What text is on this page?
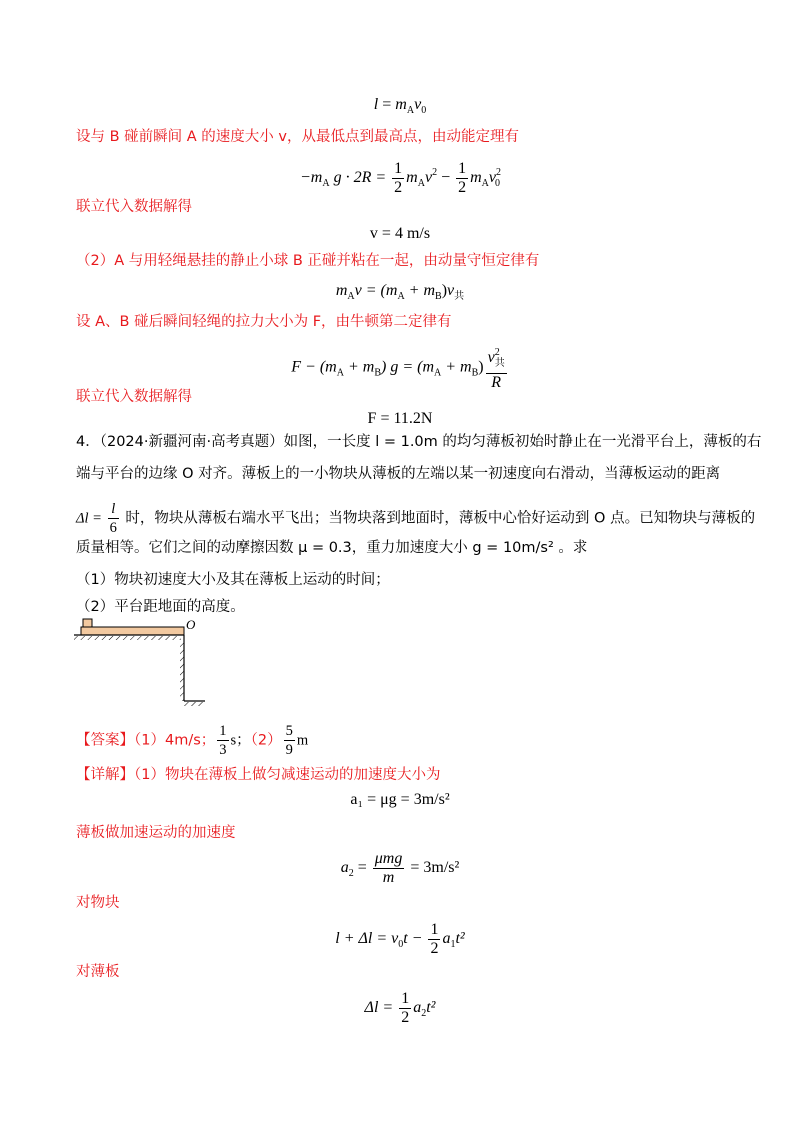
$l = m_Av_0$
设与 B 碰前瞬间 A 的速度大小 v，从最低点到最高点，由动能定理有
$-m_A$ $g \cdot 2R = \frac{1}{2} m_Av^2 - \frac{1}{2} m_Av^2_0$
联立代入数据解得
v = 4 m/s
（2）A 与用轻绳悬挂的静止小球 B 正碰并粘在一起，由动量守恒定律有
$m_Av = (m_A + m_B)v_共$
设 A、B 碰后瞬间轻绳的拉力大小为 F，由牛顿第二定律有
$F - (m_A + m_B) g = (m_A + m_B) \frac{v^2_共}{R}$
联立代入数据解得
F = 11.2N
4．（2024·新疆河南·高考真题）如图，一长度 l = 1.0m 的均匀薄板初始时静止在一光滑平台上，薄板的右
端与平台的边缘 O 对齐。薄板上的一小物块从薄板的左端以某一初速度向右滑动，当薄板运动的距离
$\Delta l = \frac{l}{6}$ 时，物块从薄板右端水平飞出；当物块落到地面时，薄板中心恰好运动到 O 点。已知物块与薄板的
质量相等。它们之间的动摩擦因数 μ = 0.3，重力加速度大小 g = 10m/s² 。求
（1）物块初速度大小及其在薄板上运动的时间；
（2）平台距地面的高度。
O
【答案】（1）4m/s； $\frac{1}{3}$ s；$(2) \frac{5}{9}$ m
【详解】（1）物块在薄板上做匀减速运动的加速度大小为
a₁ = μg = 3m/s²
薄板做加速运动的加速度
$a_2 = \frac{\text{μmg}}{m} = 3m/s^2$
对物块
$l + \Delta l = v_0t - \frac{1}{2} a_1t^2$
对薄板
$\Delta l = \frac{1}{2} a_2t^2$
